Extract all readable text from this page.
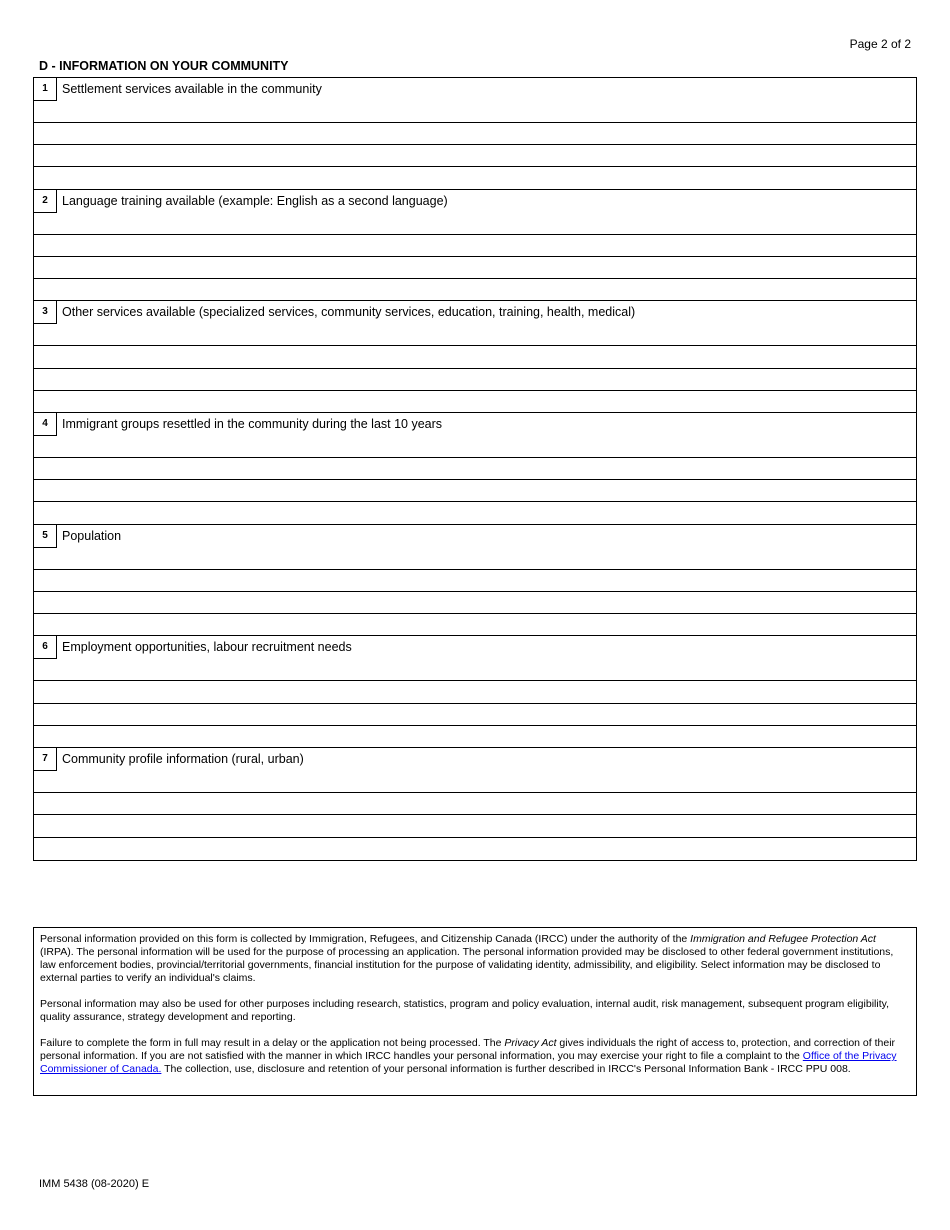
Page 2 of 2
D - INFORMATION ON YOUR COMMUNITY
1	Settlement services available in the community
2	Language training available (example: English as a second language)
3	Other services available (specialized services, community services, education, training, health, medical)
4	Immigrant groups resettled in the community during the last 10 years
5	Population
6	Employment opportunities, labour recruitment needs
7	Community profile information (rural, urban)

Personal information provided on this form is collected by Immigration, Refugees, and Citizenship Canada (IRCC) under the authority of the Immigration and Refugee Protection Act (IRPA). The personal information will be used for the purpose of processing an application. The personal information provided may be disclosed to other federal government institutions, law enforcement bodies, provincial/territorial governments, financial institution for the purpose of validating identity, admissibility, and eligibility. Select information may be disclosed to external parties to verify an individual's claims.

Personal information may also be used for other purposes including research, statistics, program and policy evaluation, internal audit, risk management, subsequent program eligibility, quality assurance, strategy development and reporting.

Failure to complete the form in full may result in a delay or the application not being processed. The Privacy Act gives individuals the right of access to, protection, and correction of their personal information. If you are not satisfied with the manner in which IRCC handles your personal information, you may exercise your right to file a complaint to the Office of the Privacy Commissioner of Canada. The collection, use, disclosure and retention of your personal information is further described in IRCC's Personal Information Bank - IRCC PPU 008.

IMM 5438 (08-2020) E
